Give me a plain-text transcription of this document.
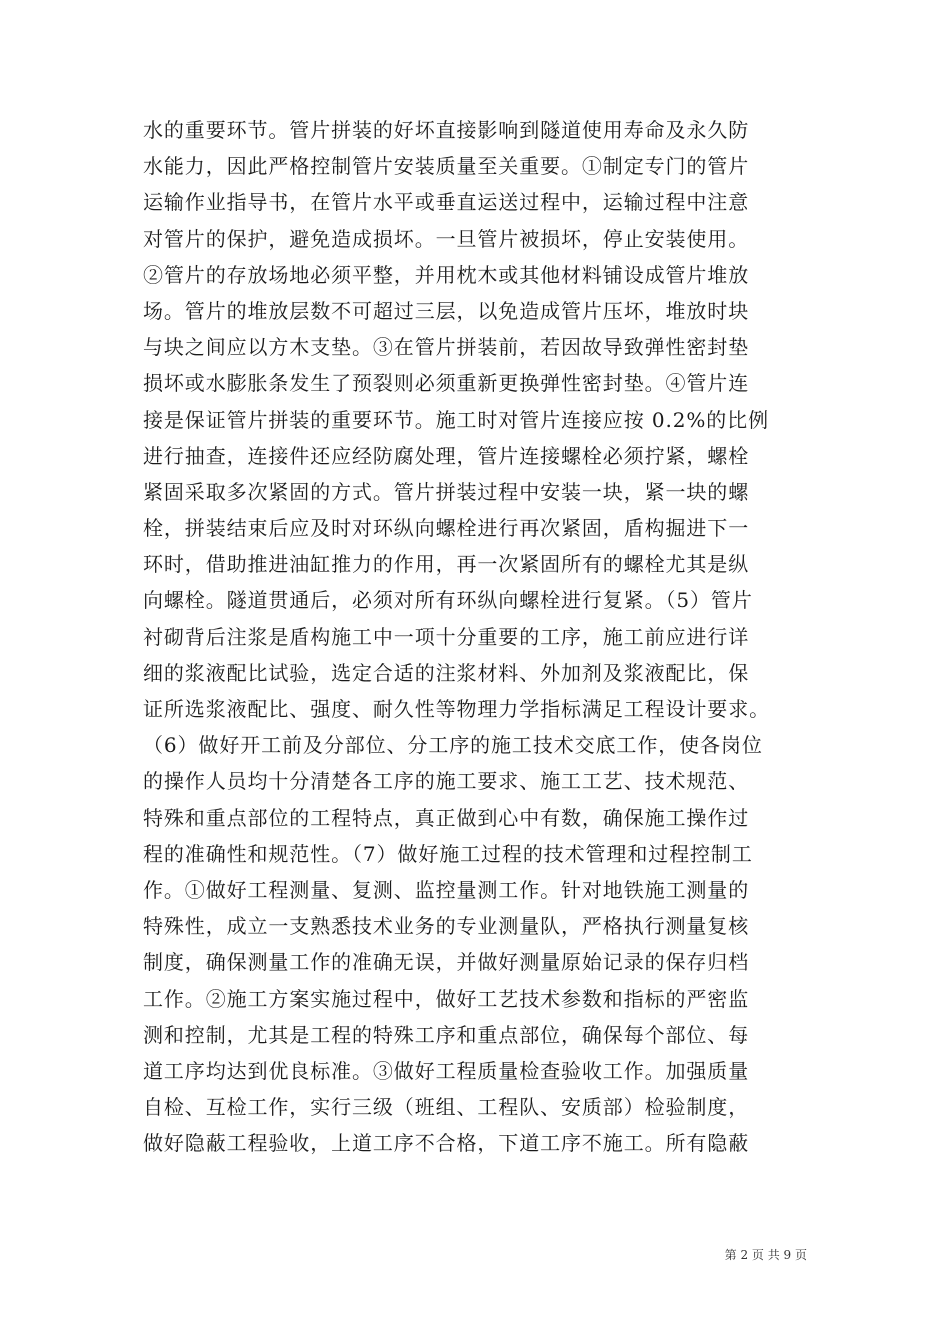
水的重要环节。管片拼装的好坏直接影响到隧道使用寿命及永久防
水能力，因此严格控制管片安装质量至关重要。①制定专门的管片
运输作业指导书，在管片水平或垂直运送过程中，运输过程中注意
对管片的保护，避免造成损坏。一旦管片被损坏，停止安装使用。
②管片的存放场地必须平整，并用枕木或其他材料铺设成管片堆放
场。管片的堆放层数不可超过三层，以免造成管片压坏，堆放时块
与块之间应以方木支垫。③在管片拼装前，若因故导致弹性密封垫
损坏或水膨胀条发生了预裂则必须重新更换弹性密封垫。④管片连
接是保证管片拼装的重要环节。施工时对管片连接应按 0.2%的比例
进行抽查，连接件还应经防腐处理，管片连接螺栓必须拧紧，螺栓
紧固采取多次紧固的方式。管片拼装过程中安装一块，紧一块的螺
栓，拼装结束后应及时对环纵向螺栓进行再次紧固，盾构掘进下一
环时，借助推进油缸推力的作用，再一次紧固所有的螺栓尤其是纵
向螺栓。隧道贯通后，必须对所有环纵向螺栓进行复紧。（5）管片
衬砌背后注浆是盾构施工中一项十分重要的工序，施工前应进行详
细的浆液配比试验，选定合适的注浆材料、外加剂及浆液配比，保
证所选浆液配比、强度、耐久性等物理力学指标满足工程设计要求。
（6）做好开工前及分部位、分工序的施工技术交底工作，使各岗位
的操作人员均十分清楚各工序的施工要求、施工工艺、技术规范、
特殊和重点部位的工程特点，真正做到心中有数，确保施工操作过
程的准确性和规范性。（7）做好施工过程的技术管理和过程控制工
作。①做好工程测量、复测、监控量测工作。针对地铁施工测量的
特殊性，成立一支熟悉技术业务的专业测量队，严格执行测量复核
制度，确保测量工作的准确无误，并做好测量原始记录的保存归档
工作。②施工方案实施过程中，做好工艺技术参数和指标的严密监
测和控制，尤其是工程的特殊工序和重点部位，确保每个部位、每
道工序均达到优良标准。③做好工程质量检查验收工作。加强质量
自检、互检工作，实行三级（班组、工程队、安质部）检验制度，
做好隐蔽工程验收，上道工序不合格，下道工序不施工。所有隐蔽
第 2 页 共 9 页
